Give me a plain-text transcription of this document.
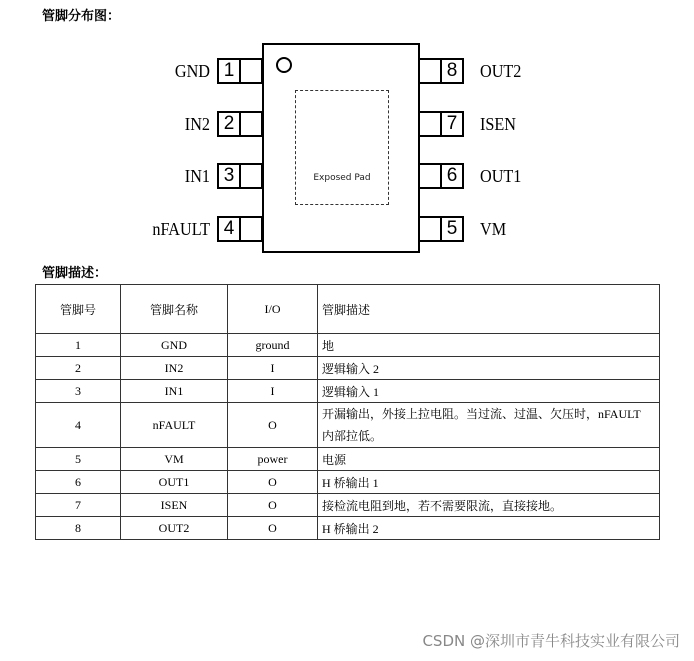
管脚分布图：
Exposed Pad
1
GND	8 OUT2
2
IN2	7 ISEN
3
IN1	6 OUT1
4
nFAULT	5 VM
管脚描述：
管脚号	管脚名称	I/O	管脚描述
1	GND	ground	地
2	IN2	I	逻辑输入 2
3	IN1	I	逻辑输入 1
4	nFAULT	O	开漏输出，外接上拉电阻。当过流、过温、欠压时，nFAULT 内部拉低。
5	VM	power	电源
6	OUT1	O	H 桥输出 1
7	ISEN	O	接检流电阻到地，若不需要限流，直接接地。
8	OUT2	O	H 桥输出 2
CSDN @深圳市青牛科技实业有限公司
